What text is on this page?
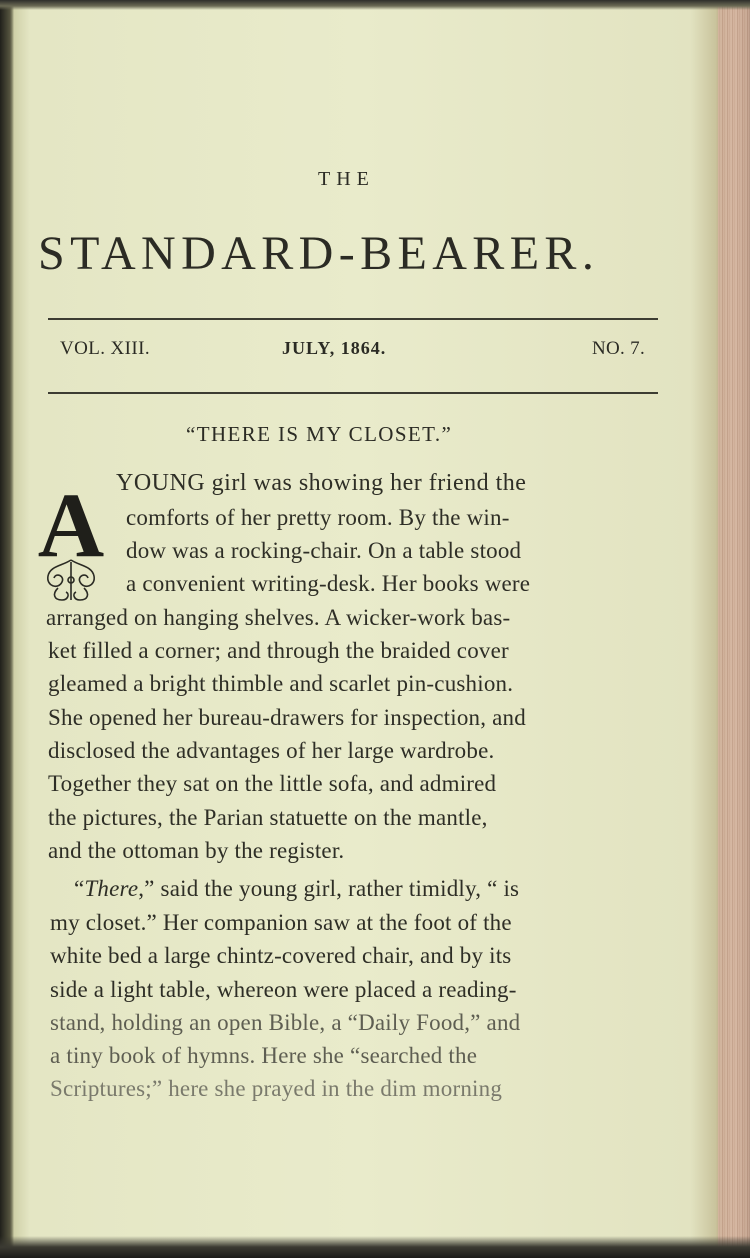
THE
STANDARD-BEARER.
VOL. XIII.	JULY, 1864.	NO. 7.
“THERE IS MY CLOSET.”
A YOUNG girl was showing her friend the
comforts of her pretty room. By the win-
dow was a rocking-chair. On a table stood
a convenient writing-desk. Her books were
arranged on hanging shelves. A wicker-work bas-
ket filled a corner; and through the braided cover
gleamed a bright thimble and scarlet pin-cushion.
She opened her bureau-drawers for inspection, and
disclosed the advantages of her large wardrobe.
Together they sat on the little sofa, and admired
the pictures, the Parian statuette on the mantle,
and the ottoman by the register.
“There,” said the young girl, rather timidly, “ is
my closet.” Her companion saw at the foot of the
white bed a large chintz-covered chair, and by its
side a light table, whereon were placed a reading-
stand, holding an open Bible, a “Daily Food,” and
a tiny book of hymns. Here she “searched the
Scriptures;” here she prayed in the dim morning
